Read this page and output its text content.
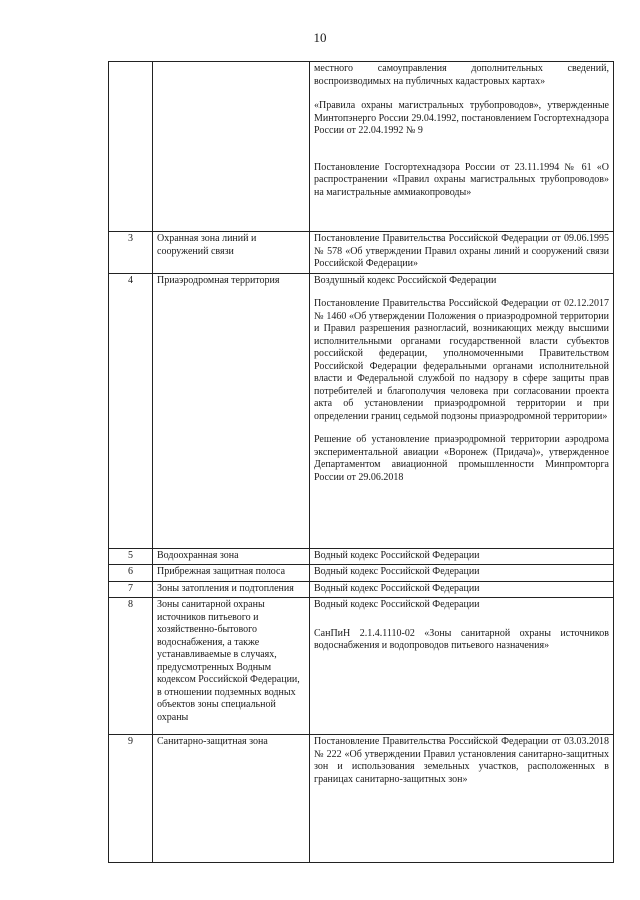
10

		местного самоуправления дополнительных сведений, воспроизводимых на публичных кадастровых картах»

«Правила охраны магистральных трубопроводов», утвержденные Минтопэнерго России 29.04.1992, постановлением Госгортехнадзора России от 22.04.1992 № 9

Постановление Госгортехнадзора России от 23.11.1994 № 61 «О распространении «Правил охраны магистральных трубопроводов» на магистральные аммиакопроводы»

3	Охранная зона линий и сооружений связи	Постановление Правительства Российской Федерации от 09.06.1995 № 578 «Об утверждении Правил охраны линий и сооружений связи Российской Федерации»

4	Приаэродромная территория	Воздушный кодекс Российской Федерации

Постановление Правительства Российской Федерации от 02.12.2017 № 1460 «Об утверждении Положения о приаэродромной территории и Правил разрешения разногласий, возникающих между высшими исполнительными органами государственной власти субъектов российской федерации, уполномоченными Правительством Российской Федерации федеральными органами исполнительной власти и Федеральной службой по надзору в сфере защиты прав потребителей и благополучия человека при согласовании проекта акта об установлении приаэродромной территории и при определении границ седьмой подзоны приаэродромной территории»

Решение об установление приаэродромной территории аэродрома экспериментальной авиации «Воронеж (Придача)», утвержденное Департаментом авиационной промышленности Минпромторга России от 29.06.2018

5	Водоохранная зона	Водный кодекс Российской Федерации

6	Прибрежная защитная полоса	Водный кодекс Российской Федерации

7	Зоны затопления и подтопления	Водный кодекс Российской Федерации

8	Зоны санитарной охраны источников питьевого и хозяйственно-бытового водоснабжения, а также устанавливаемые в случаях, предусмотренных Водным кодексом Российской Федерации, в отношении подземных водных объектов зоны специальной охраны	Водный кодекс Российской Федерации

СанПиН 2.1.4.1110-02 «Зоны санитарной охраны источников водоснабжения и водопроводов питьевого назначения»

9	Санитарно-защитная зона	Постановление Правительства Российской Федерации от 03.03.2018 № 222 «Об утверждении Правил установления санитарно-защитных зон и использования земельных участков, расположенных в границах санитарно-защитных зон»
